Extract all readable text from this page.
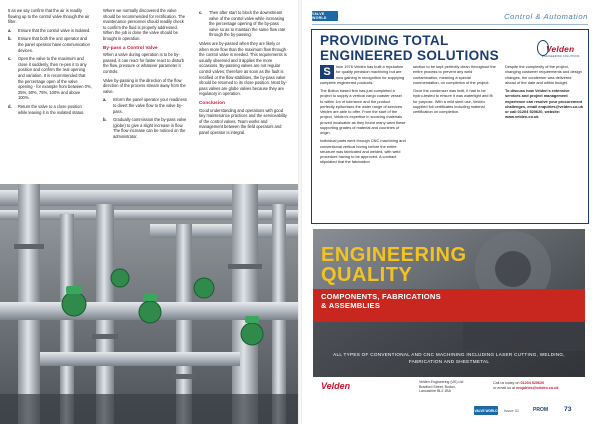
5 as we say confirm that the air is readily flowing up to the control valve through the air filter.

a.	Ensure that the control valve is isolated.
b.	Ensure that both the unit operator and the panel operator have communication devices.
c.	Open the valve to the maximum and close it suddenly, then re-pen it to any position and confirm the real opening and variation. It is recommended that the percentage open of the valve opening - for example from between 0%, 25%, 50%, 75%, 100% and above 100%.
d.	Return the valve to a close position while leaving it in the isolated status.

Where we normally discovered the valve should be recommended for rectification. The maintenance personnel should readily check to confirm the fluid is properly addressed. When the job is done the valve should be brought in operation.

By-pass a Control Valve

When a valve during operation is to be by-passed, it can react for faster react to disturb the flow, pressure or whatever parameter it controls.

Valve by-passing in the direction of the flow direction of the process stream away from the valve.

a.	Inform the panel operator your readiness to divert the valve flow to the valve by-pass.
b.	Gradually commission the by-pass valve (globe) to give a slight increase in flow. The flow increase can be noticed on the administrator.
c.	Then after start to block the downstream valve of the control valve while increasing the percentage opening of the by-pass valve so as to maintain the same flow rate through the by-passing.

Valves are by-passed when they are likely or when more flow than the maximum flow through the control valve is needed. This requirements is usually observed and it applies the more occasions. By-passing valves are not regular control valves; therefore as soon as the fault is rectified or the flow stabilises, the by-pass valve should be returned to its close position. Most by-pass valves are globe valves because they are regulatory in operation.

Conclusion

Good understanding and operations with good key maintenance practices and the serviceability of the control valves. Team works and management between the field operators and panel operator is integral.

VALVE WORLD	Control & Automation
PROVIDING TOTAL
ENGINEERED SOLUTIONS	Velden
ENGINEERING SOLUTIONS

S	ince 1976 Velden has built a reputation for quality precision machining but are now gaining in recognition for supplying complete engineered products.

The Bolton based firm has just completed a project to supply a vertical cargo coaster vessel to within 1m of tolerance and the product perfectly epitomises the wider range of services Velden are able to offer. From the start of the project, Velden's expertise in sourcing materials proved invaluable as they found many want these supporting grades of material and countries of origin.

Individual parts went through CNC machining and conventional vertical boring before the entire structure was fabricated and welded, with weld procedure having to be approved. A contract stipulated that the fabrication

section to be kept perfectly clean throughout the entire process to prevent any weld contamination, meaning a special commendation, on completion of the project.

Once the condenser was built, it had to be hydro-tested to ensure it was watertight and fit for purpose. With a mild steel use, Velden supplied full certificates including material certification on completion.

Despite the complexity of the project, changing customer requirements and design changes, the condenser was delivered ahead of the date and within budget.

To discuss how Velden's extensive services and project management experience can resolve your procurement challenges, email enquiries@velden.co.uk or call 01204 520620, website: www.velden.co.uk

ENGINEERING
QUALITY
COMPONENTS, FABRICATIONS
& ASSEMBLIES
ALL TYPES OF CONVENTIONAL AND CNC MACHINING INCLUDING LASER CUTTING, WELDING, FABRICATION AND SHEETMETAL
Velden	Velden Engineering (UK) Ltd
Bradford Street, Bolton,
Lancashire BL2 1BA
Call us today on 01204 520620
or email us at enquiries@velden.co.uk
VALVE WORLD Issue 31	PROM 73
